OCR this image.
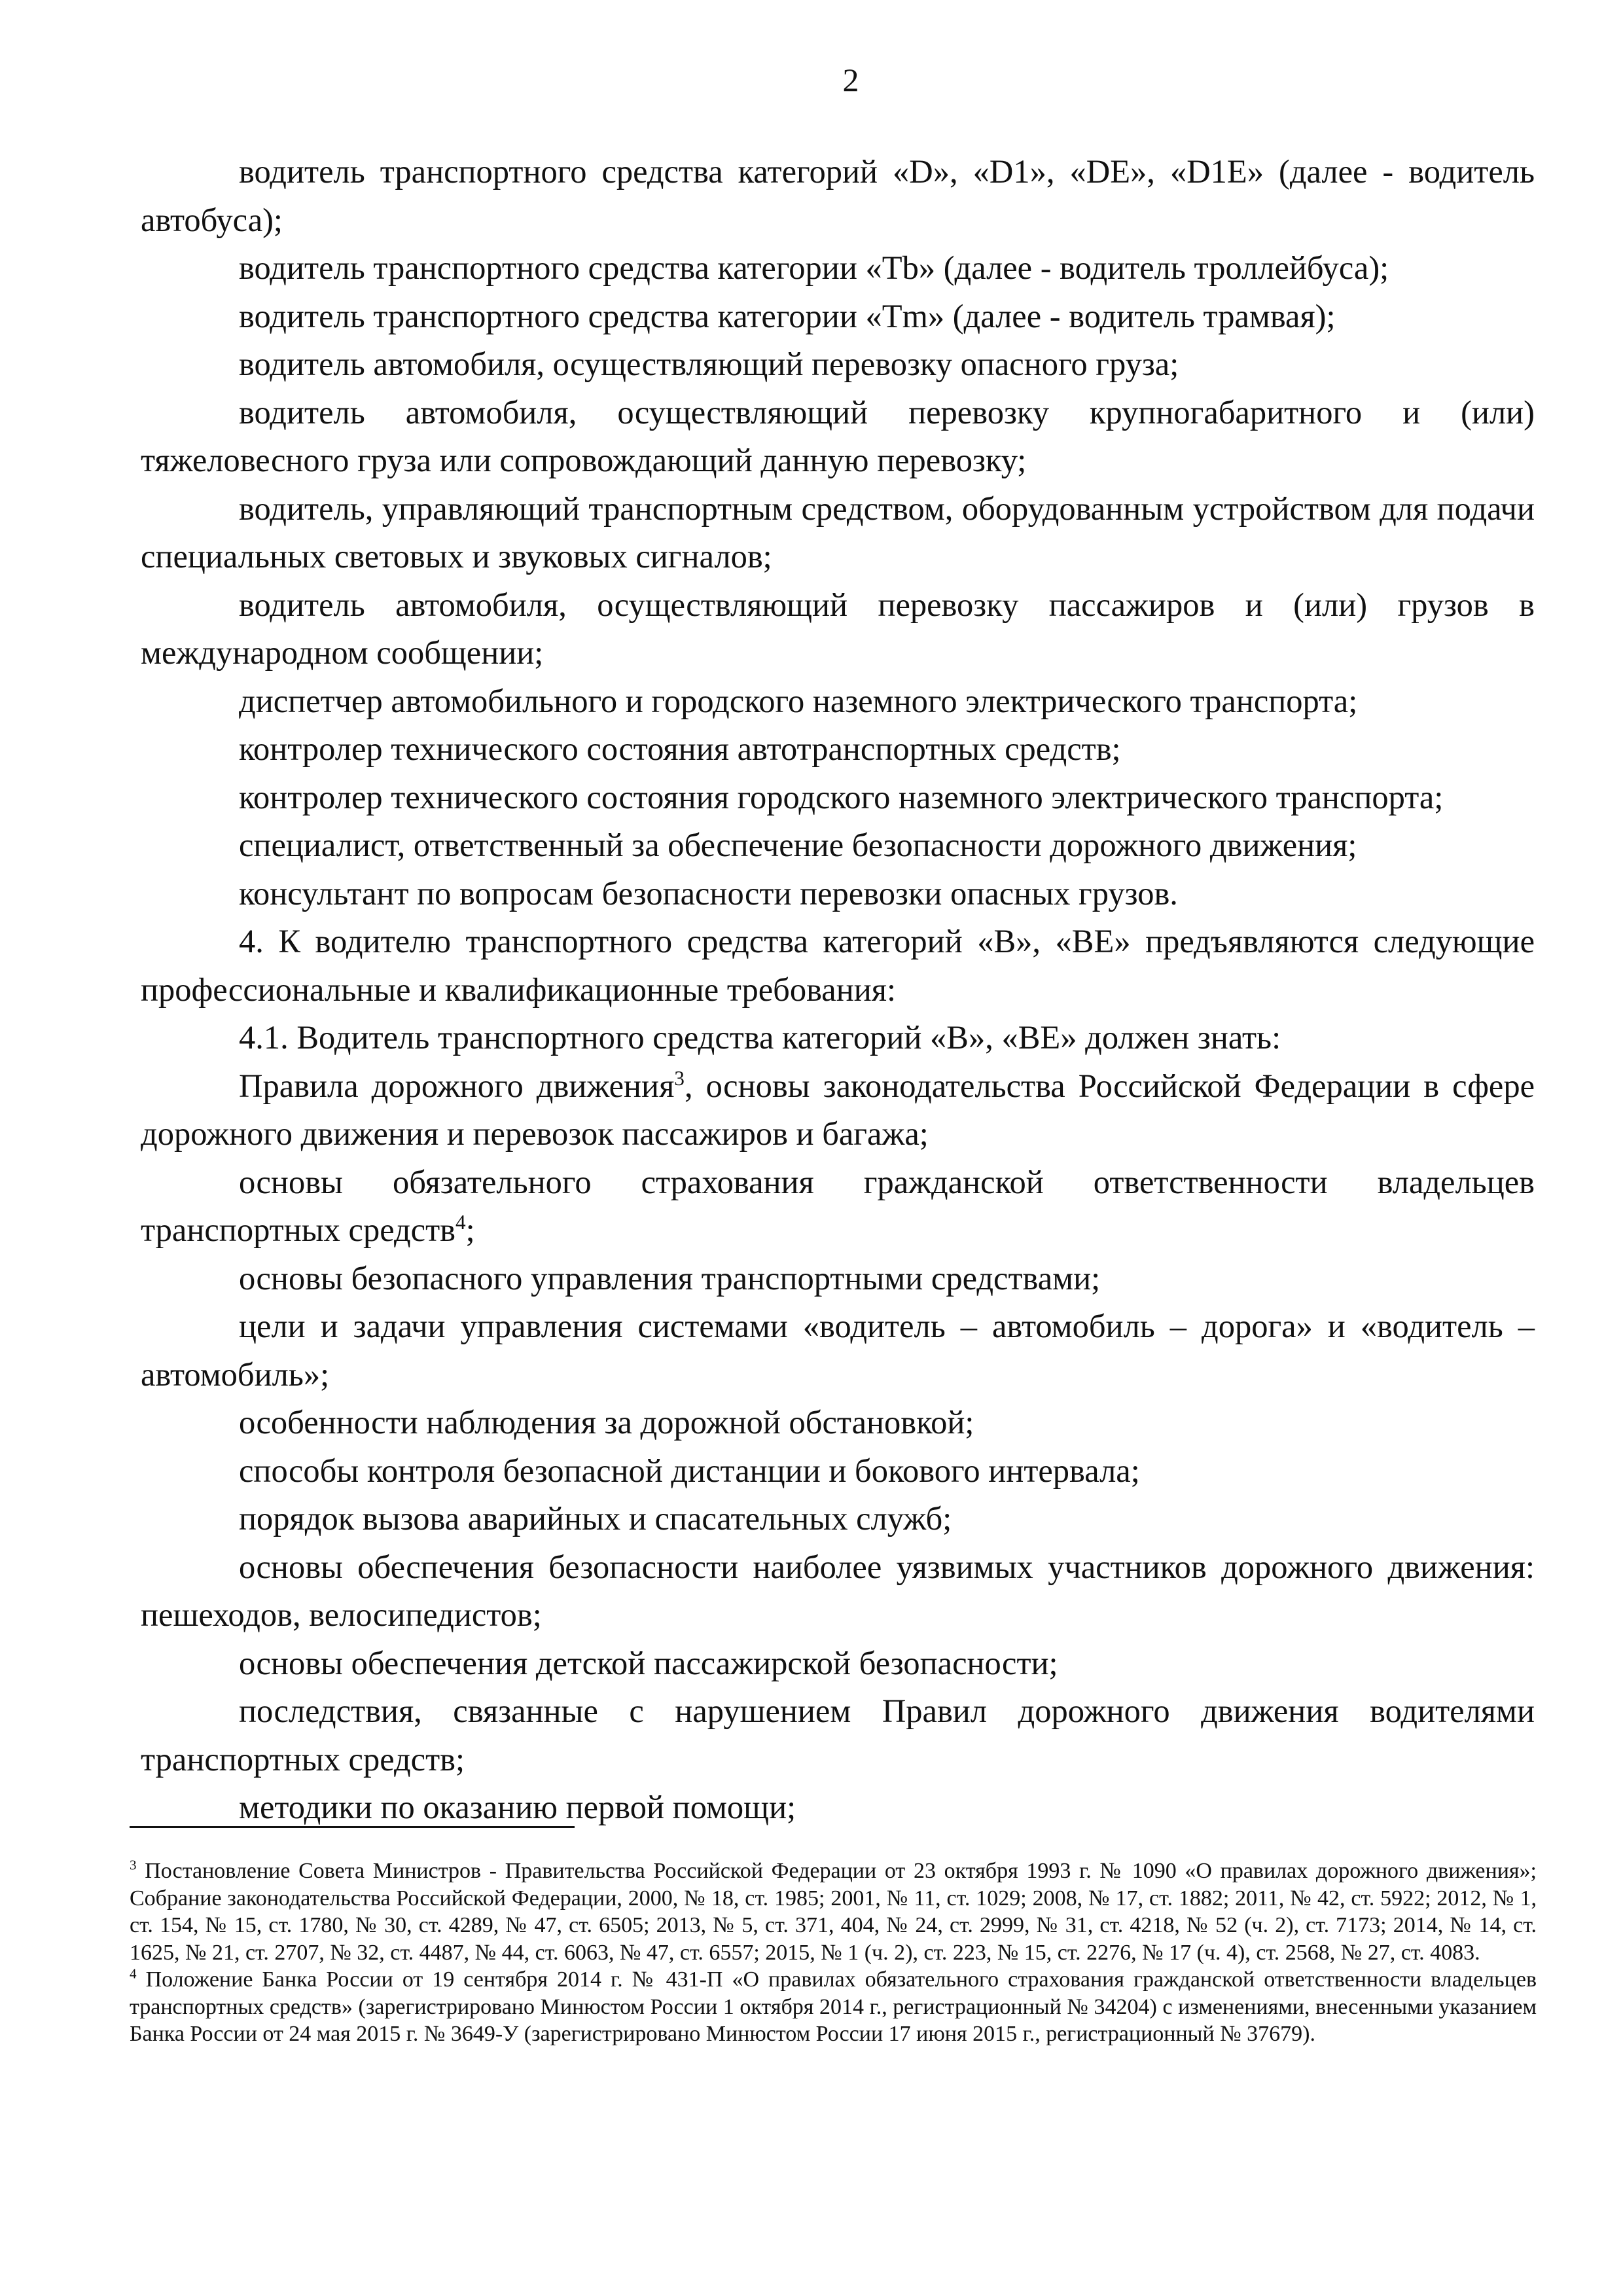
2

водитель транспортного средства категорий «D», «D1», «DE», «D1E» (далее - водитель автобуса);

водитель транспортного средства категории «Tb» (далее - водитель троллейбуса);

водитель транспортного средства категории «Tm» (далее - водитель трамвая);

водитель автомобиля, осуществляющий перевозку опасного груза;

водитель автомобиля, осуществляющий перевозку крупногабаритного и (или) тяжеловесного груза или сопровождающий данную перевозку;

водитель, управляющий транспортным средством, оборудованным устройством для подачи специальных световых и звуковых сигналов;

водитель автомобиля, осуществляющий перевозку пассажиров и (или) грузов в международном сообщении;

диспетчер автомобильного и городского наземного электрического транспорта;

контролер технического состояния автотранспортных средств;

контролер технического состояния городского наземного электрического транспорта;

специалист, ответственный за обеспечение безопасности дорожного движения;

консультант по вопросам безопасности перевозки опасных грузов.

4. К водителю транспортного средства категорий «B», «BE» предъявляются следующие профессиональные и квалификационные требования:

4.1. Водитель транспортного средства категорий «B», «BE» должен знать:

Правила дорожного движения$^3$, основы законодательства Российской Федерации в сфере дорожного движения и перевозок пассажиров и багажа;

основы обязательного страхования гражданской ответственности владельцев транспортных средств$^4$;

основы безопасного управления транспортными средствами;

цели и задачи управления системами «водитель – автомобиль – дорога» и «водитель – автомобиль»;

особенности наблюдения за дорожной обстановкой;

способы контроля безопасной дистанции и бокового интервала;

порядок вызова аварийных и спасательных служб;

основы обеспечения безопасности наиболее уязвимых участников дорожного движения: пешеходов, велосипедистов;

основы обеспечения детской пассажирской безопасности;

последствия, связанные с нарушением Правил дорожного движения водителями транспортных средств;

методики по оказанию первой помощи;

$^3$ Постановление Совета Министров - Правительства Российской Федерации от 23 октября 1993 г. № 1090 «О правилах дорожного движения»; Собрание законодательства Российской Федерации, 2000, № 18, ст. 1985; 2001, № 11, ст. 1029; 2008, № 17, ст. 1882; 2011, № 42, ст. 5922; 2012, № 1, ст. 154, № 15, ст. 1780, № 30, ст. 4289, № 47, ст. 6505; 2013, № 5, ст. 371, 404, № 24, ст. 2999, № 31, ст. 4218, № 52 (ч. 2), ст. 7173; 2014, № 14, ст. 1625, № 21, ст. 2707, № 32, ст. 4487, № 44, ст. 6063, № 47, ст. 6557; 2015, № 1 (ч. 2), ст. 223, № 15, ст. 2276, № 17 (ч. 4), ст. 2568, № 27, ст. 4083.

$^4$ Положение Банка России от 19 сентября 2014 г. № 431-П «О правилах обязательного страхования гражданской ответственности владельцев транспортных средств» (зарегистрировано Минюстом России 1 октября 2014 г., регистрационный № 34204) с изменениями, внесенными указанием Банка России от 24 мая 2015 г. № 3649-У (зарегистрировано Минюстом России 17 июня 2015 г., регистрационный № 37679).
